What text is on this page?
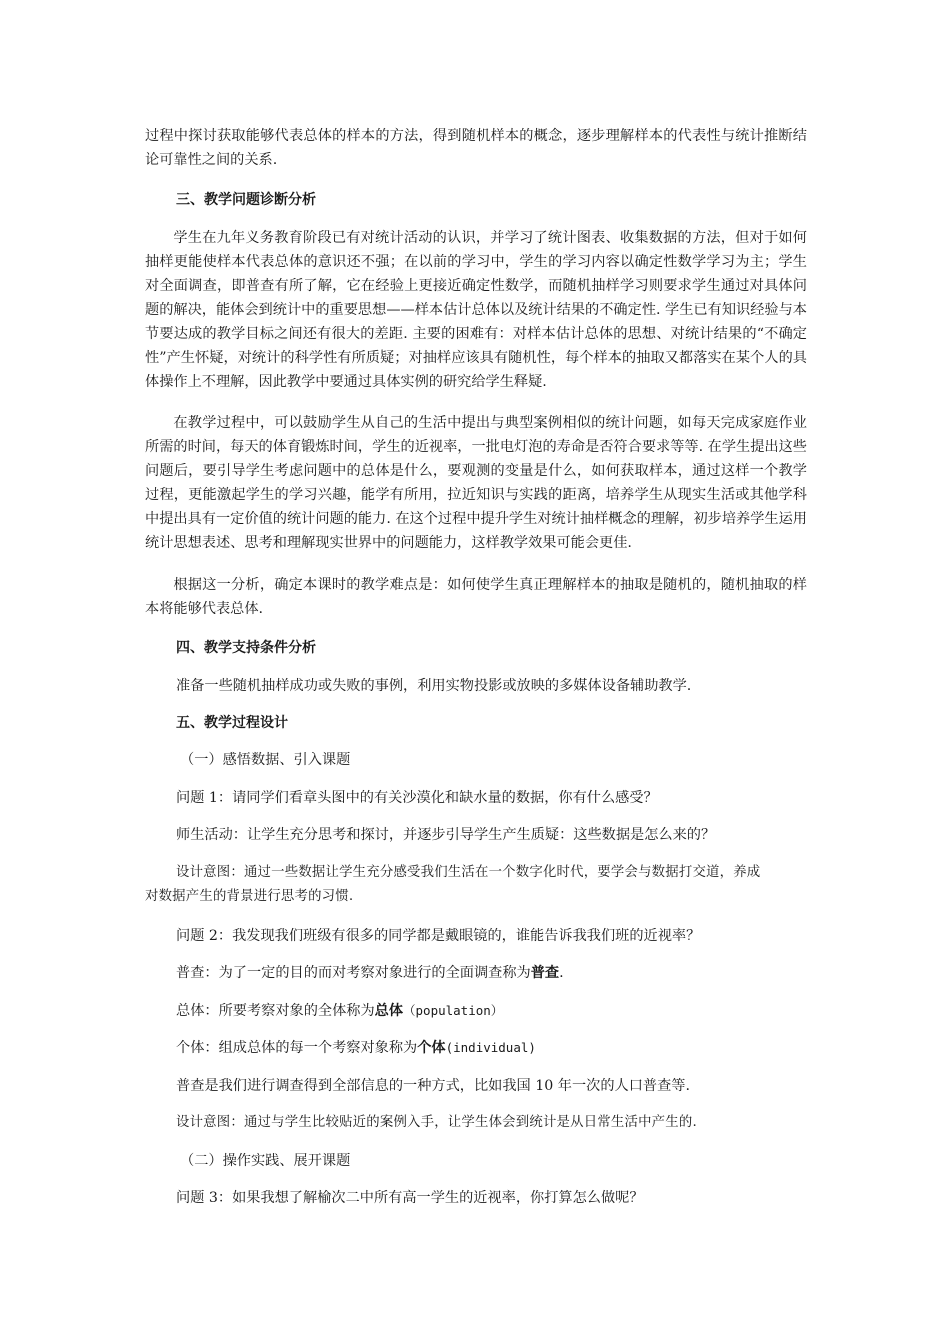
过程中探讨获取能够代表总体的样本的方法，得到随机样本的概念，逐步理解样本的代表性与统计推断结论可靠性之间的关系.

三、教学问题诊断分析

学生在九年义务教育阶段已有对统计活动的认识，并学习了统计图表、收集数据的方法，但对于如何抽样更能使样本代表总体的意识还不强；在以前的学习中，学生的学习内容以确定性数学学习为主；学生对全面调查，即普查有所了解，它在经验上更接近确定性数学，而随机抽样学习则要求学生通过对具体问题的解决，能体会到统计中的重要思想——样本估计总体以及统计结果的不确定性. 学生已有知识经验与本节要达成的教学目标之间还有很大的差距. 主要的困难有：对样本估计总体的思想、对统计结果的“不确定性”产生怀疑，对统计的科学性有所质疑；对抽样应该具有随机性，每个样本的抽取又都落实在某个人的具体操作上不理解，因此教学中要通过具体实例的研究给学生释疑.

在教学过程中，可以鼓励学生从自己的生活中提出与典型案例相似的统计问题，如每天完成家庭作业所需的时间，每天的体育锻炼时间，学生的近视率，一批电灯泡的寿命是否符合要求等等. 在学生提出这些问题后，要引导学生考虑问题中的总体是什么，要观测的变量是什么，如何获取样本，通过这样一个教学过程，更能激起学生的学习兴趣，能学有所用，拉近知识与实践的距离，培养学生从现实生活或其他学科中提出具有一定价值的统计问题的能力. 在这个过程中提升学生对统计抽样概念的理解，初步培养学生运用统计思想表述、思考和理解现实世界中的问题能力，这样教学效果可能会更佳.

根据这一分析，确定本课时的教学难点是：如何使学生真正理解样本的抽取是随机的，随机抽取的样本将能够代表总体.

四、教学支持条件分析

准备一些随机抽样成功或失败的事例，利用实物投影或放映的多媒体设备辅助教学.

五、教学过程设计

（一）感悟数据、引入课题

问题 1：请同学们看章头图中的有关沙漠化和缺水量的数据，你有什么感受？

师生活动：让学生充分思考和探讨，并逐步引导学生产生质疑：这些数据是怎么来的？

设计意图：通过一些数据让学生充分感受我们生活在一个数字化时代，要学会与数据打交道，养成
对数据产生的背景进行思考的习惯.

问题 2：我发现我们班级有很多的同学都是戴眼镜的，谁能告诉我我们班的近视率？

普查：为了一定的目的而对考察对象进行的全面调查称为普查.

总体：所要考察对象的全体称为总体（population）

个体：组成总体的每一个考察对象称为个体(individual)

普查是我们进行调查得到全部信息的一种方式，比如我国 10 年一次的人口普查等.

设计意图：通过与学生比较贴近的案例入手，让学生体会到统计是从日常生活中产生的.

（二）操作实践、展开课题

问题 3：如果我想了解榆次二中所有高一学生的近视率，你打算怎么做呢？
